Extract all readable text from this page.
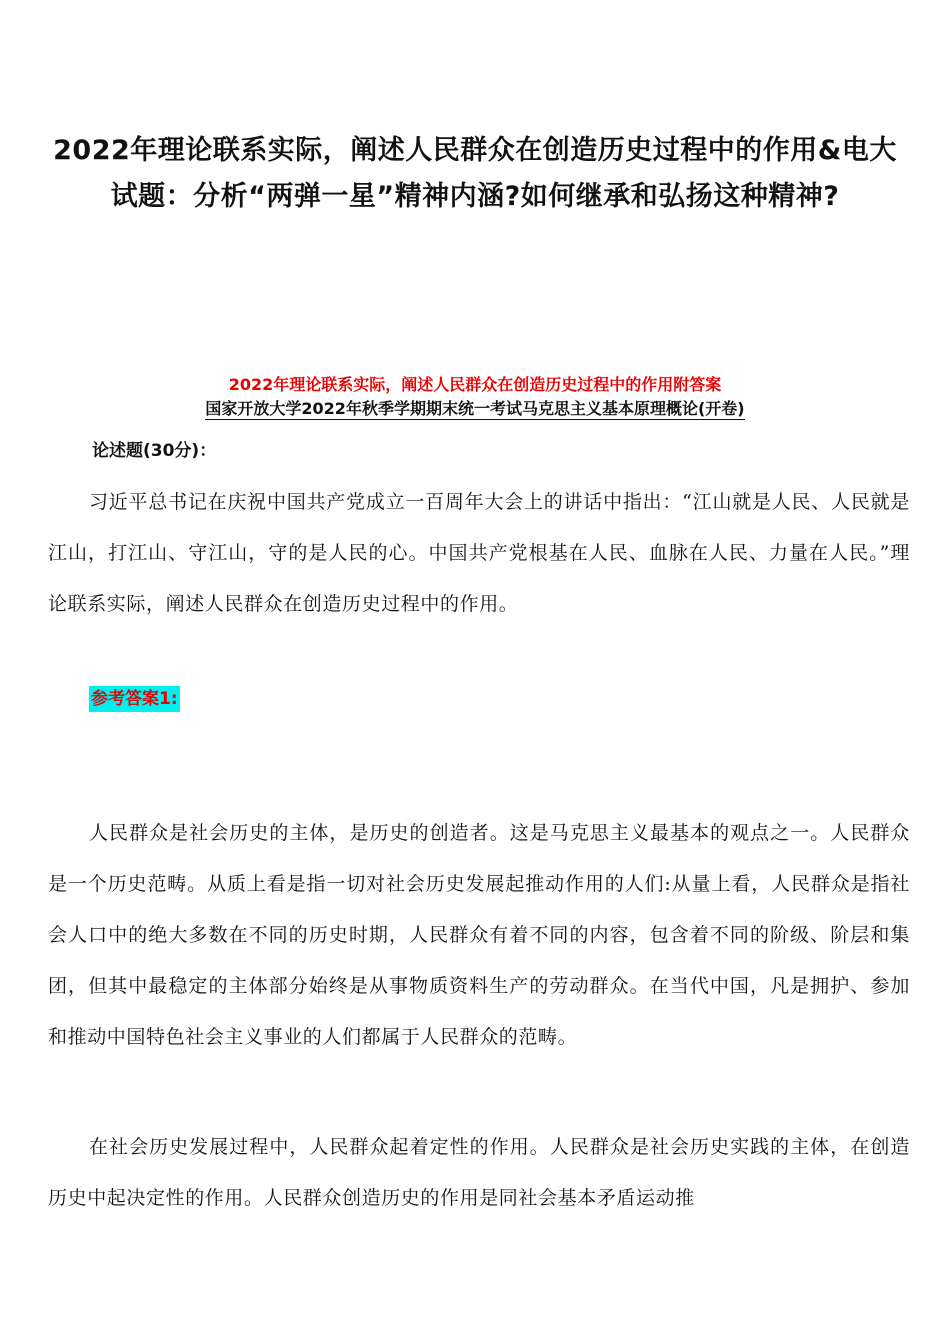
2022年理论联系实际，阐述人民群众在创造历史过程中的作用&电大试题：分析“两弹一星”精神内涵?如何继承和弘扬这种精神?
2022年理论联系实际，阐述人民群众在创造历史过程中的作用附答案
国家开放大学2022年秋季学期期末统一考试马克思主义基本原理概论(开卷)
论述题(30分)：

习近平总书记在庆祝中国共产党成立一百周年大会上的讲话中指出：“江山就是人民、人民就是江山，打江山、守江山，守的是人民的心。中国共产党根基在人民、血脉在人民、力量在人民。”理论联系实际，阐述人民群众在创造历史过程中的作用。

参考答案1:

人民群众是社会历史的主体，是历史的创造者。这是马克思主义最基本的观点之一。人民群众是一个历史范畴。从质上看是指一切对社会历史发展起推动作用的人们:从量上看，人民群众是指社会人口中的绝大多数在不同的历史时期，人民群众有着不同的内容，包含着不同的阶级、阶层和集团，但其中最稳定的主体部分始终是从事物质资料生产的劳动群众。在当代中国，凡是拥护、参加和推动中国特色社会主义事业的人们都属于人民群众的范畴。

在社会历史发展过程中，人民群众起着定性的作用。人民群众是社会历史实践的主体，在创造历史中起决定性的作用。人民群众创造历史的作用是同社会基本矛盾运动推
